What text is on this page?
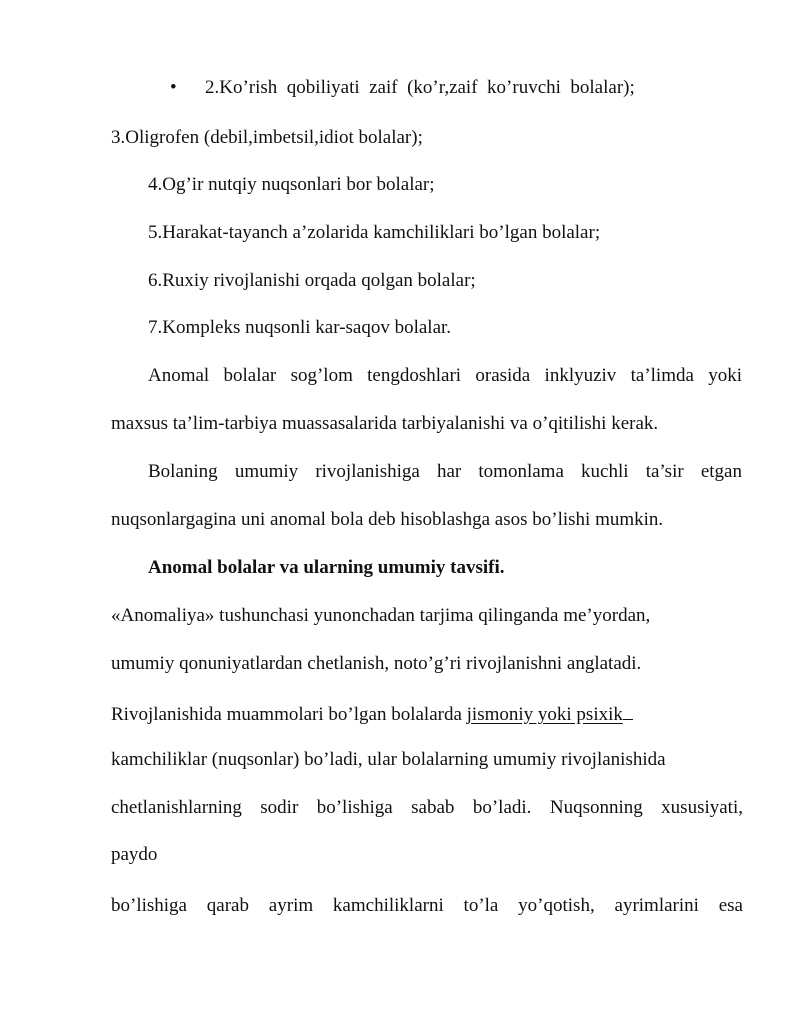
• 2.Ko’rish  qobiliyati  zaif  (ko’r,zaif  ko’ruvchi  bolalar);
3.Oligrofen (debil,imbetsil,idiot bolalar);
4.Og’ir nutqiy nuqsonlari bor bolalar;
5.Harakat-tayanch a’zolarida kamchiliklari bo’lgan bolalar;
6.Ruxiy rivojlanishi orqada qolgan bolalar;
7.Kompleks nuqsonli kar-saqov bolalar.
Anomal bolalar sog’lom tengdoshlari orasida inklyuziv ta’limda yoki
maxsus ta’lim-tarbiya muassasalarida tarbiyalanishi va o’qitilishi kerak.
Bolaning umumiy rivojlanishiga har tomonlama kuchli ta’sir etgan
nuqsonlargagina uni anomal bola deb hisoblashga asos bo’lishi mumkin.
Anomal bolalar va ularning umumiy tavsifi.
«Anomaliya» tushunchasi yunonchadan tarjima qilinganda me’yordan,
umumiy qonuniyatlardan chetlanish, noto’g’ri rivojlanishni anglatadi.
Rivojlanishida muammolari bo’lgan bolalarda jismoniy yoki psixik
kamchiliklar (nuqsonlar) bo’ladi, ular bolalarning umumiy rivojlanishida
chetlanishlarning sodir bo’lishiga sabab bo’ladi. Nuqsonning xususiyati,
paydo
bo’lishiga qarab ayrim kamchiliklarni to’la yo’qotish, ayrimlarini esa
